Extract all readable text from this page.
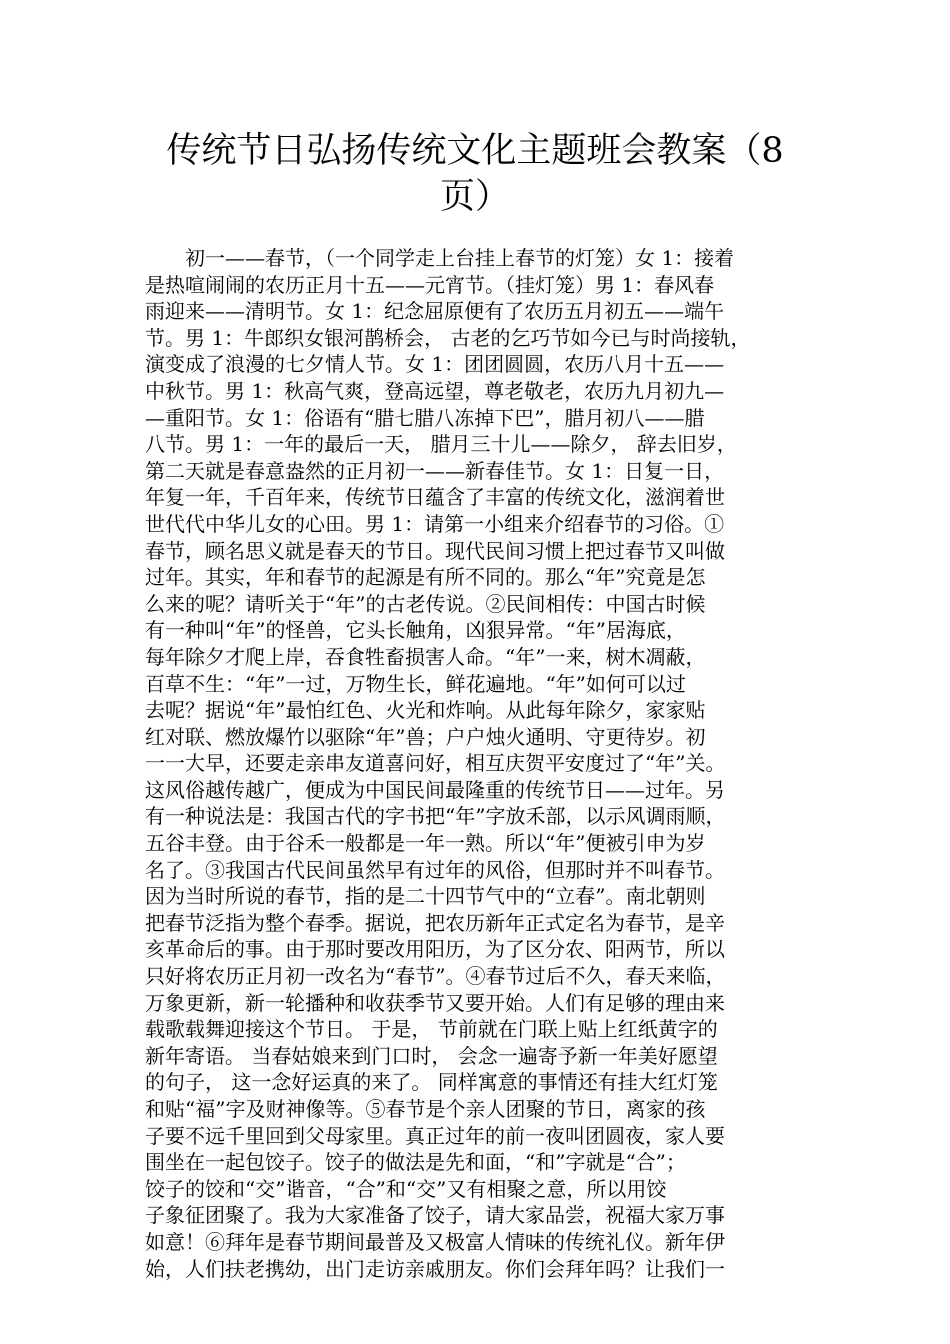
传统节日弘扬传统文化主题班会教案（8页）
　　初一——春节，（一个同学走上台挂上春节的灯笼）女 1：接着
是热喧闹闹的农历正月十五——元宵节。（挂灯笼）男 1：春风春
雨迎来——清明节。女 1：纪念屈原便有了农历五月初五——端午
节。男 1：牛郎织女银河鹊桥会， 古老的乞巧节如今已与时尚接轨，
演变成了浪漫的七夕情人节。女 1：团团圆圆，农历八月十五——
中秋节。男 1：秋高气爽，登高远望，尊老敬老，农历九月初九—
—重阳节。女 1：俗语有“腊七腊八冻掉下巴”，腊月初八——腊
八节。男 1：一年的最后一天， 腊月三十儿——除夕， 辞去旧岁，
第二天就是春意盎然的正月初一——新春佳节。女 1：日复一日，
年复一年，千百年来，传统节日蕴含了丰富的传统文化，滋润着世
世代代中华儿女的心田。男 1：请第一小组来介绍春节的习俗。①
春节，顾名思义就是春天的节日。现代民间习惯上把过春节又叫做
过年。其实，年和春节的起源是有所不同的。那么“年”究竟是怎
么来的呢？请听关于“年”的古老传说。②民间相传：中国古时候
有一种叫“年”的怪兽，它头长触角，凶狠异常。“年”居海底，
每年除夕才爬上岸，吞食牲畜损害人命。“年”一来，树木凋蔽，
百草不生：“年”一过，万物生长，鲜花遍地。“年”如何可以过
去呢？据说“年”最怕红色、火光和炸响。从此每年除夕，家家贴
红对联、燃放爆竹以驱除“年”兽；户户烛火通明、守更待岁。初
一一大早，还要走亲串友道喜问好，相互庆贺平安度过了“年”关。
这风俗越传越广，便成为中国民间最隆重的传统节日——过年。另
有一种说法是：我国古代的字书把“年”字放禾部，以示风调雨顺，
五谷丰登。由于谷禾一般都是一年一熟。所以“年”便被引申为岁
名了。③我国古代民间虽然早有过年的风俗，但那时并不叫春节。
因为当时所说的春节，指的是二十四节气中的“立春”。南北朝则
把春节泛指为整个春季。据说，把农历新年正式定名为春节，是辛
亥革命后的事。由于那时要改用阳历，为了区分农、阳两节，所以
只好将农历正月初一改名为“春节”。④春节过后不久，春天来临，
万象更新，新一轮播种和收获季节又要开始。人们有足够的理由来
载歌载舞迎接这个节日。 于是， 节前就在门联上贴上红纸黄字的
新年寄语。 当春姑娘来到门口时， 会念一遍寄予新一年美好愿望
的句子， 这一念好运真的来了。 同样寓意的事情还有挂大红灯笼
和贴“福”字及财神像等。⑤春节是个亲人团聚的节日，离家的孩
子要不远千里回到父母家里。真正过年的前一夜叫团圆夜，家人要
围坐在一起包饺子。饺子的做法是先和面，“和”字就是“合”；
饺子的饺和“交”谐音，“合”和“交”又有相聚之意，所以用饺
子象征团聚了。我为大家准备了饺子，请大家品尝，祝福大家万事
如意！⑥拜年是春节期间最普及又极富人情味的传统礼仪。新年伊
始，人们扶老携幼，出门走访亲戚朋友。你们会拜年吗？让我们一
